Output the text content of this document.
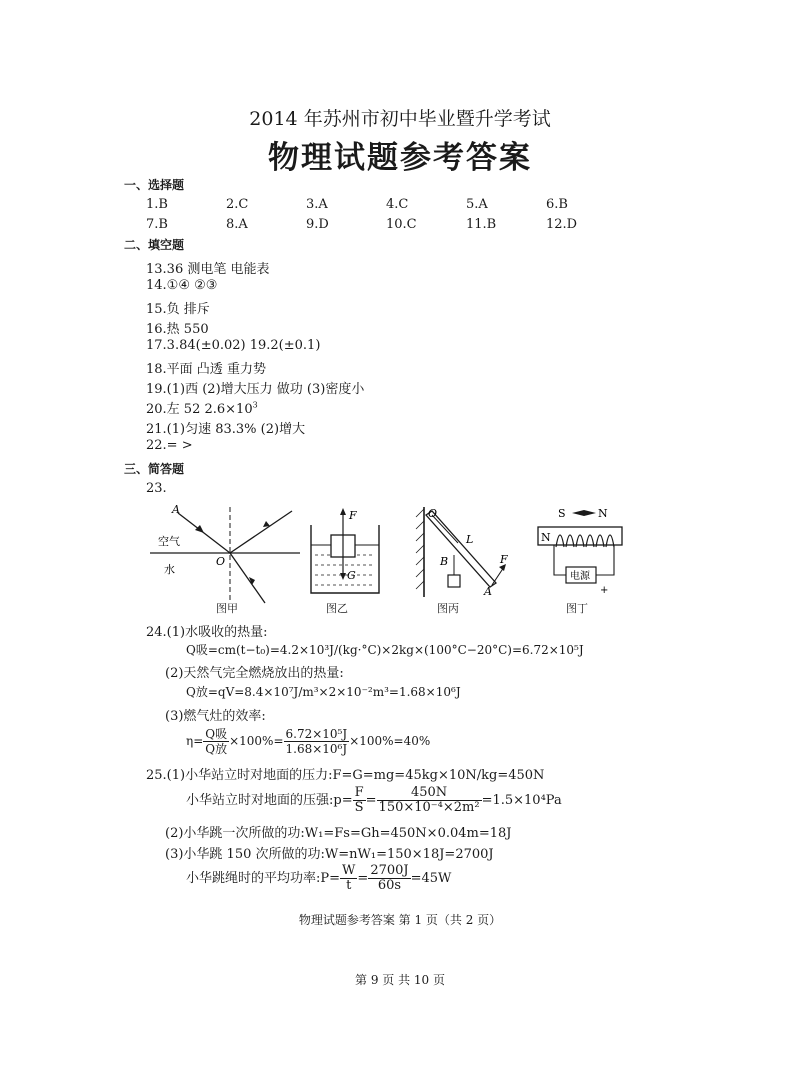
2014 年苏州市初中毕业暨升学考试
物理试题参考答案
一、选择题
1.B	2.C	3.A	4.C	5.A	6.B
7.B	8.A	9.D	10.C	11.B	12.D
二、填空题
13.36 测电笔 电能表
14.①④ ②③
15.负 排斥
16.热 550
17.3.84(±0.02) 19.2(±0.1)
18.平面 凸透 重力势
19.(1)西 (2)增大压力 做功 (3)密度小
20.左 52 $2.6\times 10^3$
21.(1)匀速 83.3% (2)增大
22.= >
三、简答题
23.
A
O
空气
水
图甲
F
G
图乙
O
L
B
A
F
图丙
S	N
N
电源
+
图丁
24.(1)水吸收的热量:
Q吸=cm(t−t₀)=4.2×10³J/(kg·°C)×2kg×(100°C−20°C)=6.72×10⁵J
(2)天然气完全燃烧放出的热量:
Q放=qV=8.4×10⁷J/m³×2×10⁻²m³=1.68×10⁶J
(3)燃气灶的效率:
$\eta= \frac{\text{Q吸}}{\text{Q放}} \times 100\%= \frac{\text{6.72×10⁵J}}{\text{1.68×10⁶J}} \times 100\%=40\%$
25.(1)小华站立时对地面的压力:F=G=mg=45kg×10N/kg=450N
小华站立时对地面的压强:p= $\frac{F}{S} = \frac{450N}{\text{150×10⁻⁴×2m²}} =1.5\times 10^4Pa$
(2)小华跳一次所做的功:W₁=Fs=Gh=450N×0.04m=18J
(3)小华跳 150 次所做的功:W=nW₁=150×18J=2700J
小华跳绳时的平均功率:P= $\frac{W}{t} = \frac{2700J}{60s} =45W$
物理试题参考答案 第 1 页（共 2 页）
第 9 页 共 10 页
